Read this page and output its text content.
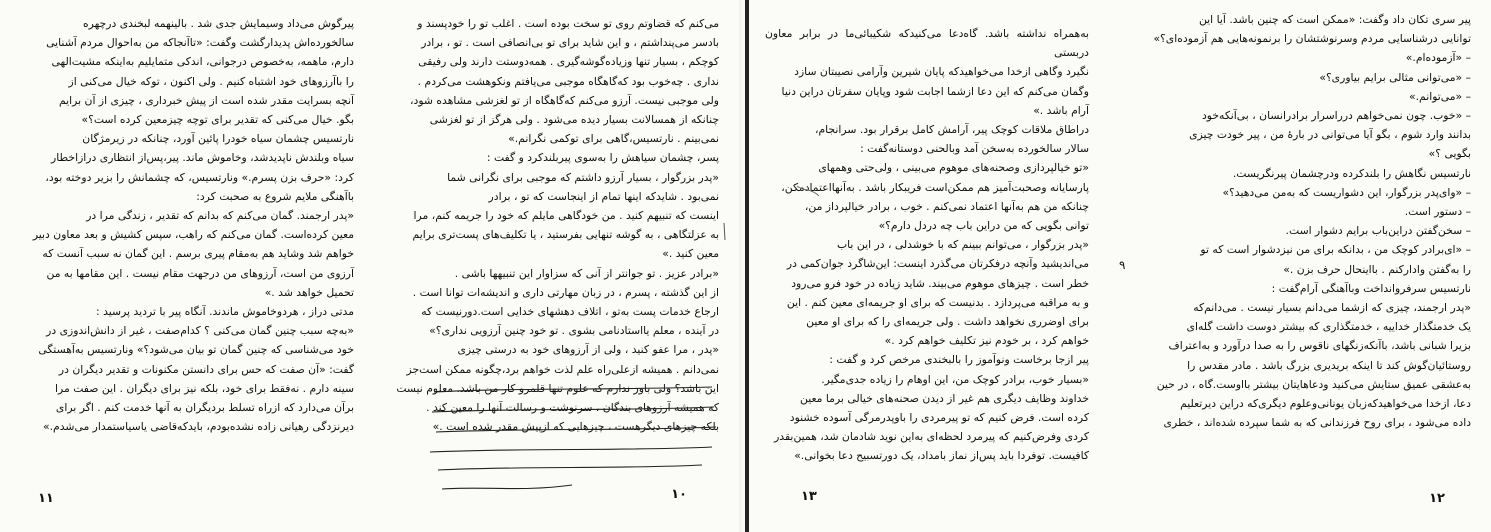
پیرگوش می‌داد وسیمایش جدی شد . بالینهمه لبخندی درچهره

سالخورده‌اش پدیدارگشت وگفت: «تاآنجاکه من به‌احوال مردم آشنایی

دارم، ماهمه، به‌خصوص درجوانی، اندکی متمایلیم به‌اینکه مشیت‌الهی

را باآرزوهای خود اشتباه کنیم . ولی اکنون ، توکه خیال می‌کنی از

آنچه بسرایت مقدر شده است از پیش خبرداری ، چیزی از آن برایم

بگو. خیال می‌کنی که تقدیر برای توچه چیزمعین کرده است؟»

نارتسیس چشمان سیاه خودرا پائین آورد، چنانکه در زیرمژگان

سیاه وبلندش ناپدیدشد، وخاموش ماند. پیر،پس‌از انتظاری درازاخطار

کرد: «حرف بزن پسرم.» ونارتسیس، که چشمانش را بزیر دوخته بود،

باآهنگی ملایم شروع به صحبت کرد:

«پدر ارجمند. گمان می‌کنم که بدانم که تقدیر ، زندگی مرا در

معین کرده‌است. گمان می‌کنم که راهب، سپس کشیش و بعد معاون دبیر

خواهم شد وشاید هم به‌مقام پیری برسم . این گمان نه سبب آنست که

آرزوی من است، آرزوهای من درجهت مقام نیست . این مقامها به من

تحمیل خواهد شد .»

مدتی دراز ، هردوخاموش ماندند. آنگاه پیر با تردید پرسید :

«به‌چه سبب چنین گمان می‌کنی ؟ کدام‌صفت ، غیر از دانش‌اندوزی در

خود می‌شناسی که چنین گمان تو بیان می‌شود؟» ونارتسیس به‌آهستگی

گفت: «آن صفت که حس برای دانستن مکنونات و تقدیر دیگران در

سینه دارم . نه‌فقط برای خود، بلکه نیز برای دیگران . این صفت مرا

برآن می‌دارد که ازراه تسلط بردیگران به آنها خدمت کنم . اگر برای

دیرنزدگی رهیانی زاده نشده‌بودم، بایدکه‌قاضی یاسیاستمدار می‌شدم.»

۱۱

می‌کنم که قضاوتم روی تو سخت بوده است . اغلب تو را خودپسند و

بادسر می‌پنداشتم ، و این شاید برای تو بی‌انصافی است . تو ، برادر

کوچکم ، بسیار تنها وزیاده‌گوشه‌گیری . همه‌دوستت دارند ولی رفیقی

نداری . چه‌خوب بود که‌گاهگاه موجبی می‌یافتم ونکوهشت می‌کردم .

ولی موجبی نیست. آرزو می‌کنم که‌گاهگاه از تو لغزشی مشاهده شود،

چنانکه از همسالانت بسیار دیده می‌شود . ولی هرگز از تو لغزشی

نمی‌بینم . نارتسیس،گاهی برای توکمی نگرانم.»

پسر، چشمان سیاهش را به‌سوی پیربلندکرد و گفت :

«پدر بزرگوار ، بسیار آرزو داشتم که موجبی برای نگرانی شما

نمی‌بود . شایدکه اینها تمام از اینجاست که تو ، برادر

اینست که تنبیهم کنید . من خودگاهی مایلم که خود را جریمه کنم، مرا

به عزلتگاهی ، به گوشه تنهایی بفرستید ، یا تکلیف‌های پست‌تری برایم

معین کنید .»

«برادر عزیز . تو جوانتر از آنی که سزاوار این تنبیهها باشی .

از این گذشته ، پسرم ، در زبان مهارتی داری و اندیشه‌ات توانا است .

ارجاع خدمات پست به‌تو ، اتلاف دهشهای خدایی است.دورنیست که

در آینده ، معلم یااستادنامی بشوی . تو خود چنین آرزویی نداری؟»

«پدر ، مرا عفو کنید ، ولی از آرزوهای خود به درستی چیزی

نمی‌دانم . همیشه ازعلی‌راه علم لذت خواهم برد،چگونه ممکن است‌جز

این باشد؟ ولی باور ندارم که علوم تنها قلمرو کار من باشد. معلوم نیست

که همیشه آرزوهای بندگان ، سرنوشت و رسالت آنها را معین کند .

بلکه چیزهای دیگرهست ، چیزهایی که ازپیش مقدر شده است .»

۱۰

به‌همراه نداشته باشد. گاه‌دعا می‌کنیدکه شکیبائی‌ما در برابر معاون دربستی

نگیرد وگاهی ازخدا می‌خواهیدکه پایان شیرین وآرامی نصیبتان سازد

وگمان می‌کنم که این دعا ازشما اجابت شود وپایان سفرتان دراین دنیا

آرام باشد .»

دراطاق ملاقات کوچک پیر، آرامش کامل برقرار بود. سرانجام،

سالار سالخورده به‌سخن آمد وبالحنی دوستانه‌گفت :

«تو خیالپردازی وصحنه‌های موهوم می‌بینی ، ولی‌حتی وهمهای

پارسایانه وصحبت‌آمیز هم ممکن‌است فریبکار باشد . به‌آنها‌اعتمادمکن،

چنانکه من هم به‌آنها اعتماد نمی‌کنم . خوب ، برادر خیالپرداز من،

توانی بگویی که من دراین باب چه دردل دارم؟»

«پدر بزرگوار ، می‌توانم ببینم که با خوشدلی ، در این باب

می‌اندیشید وآنچه درفکرتان می‌گذرد اینست: این‌شاگرد جوان‌کمی در

خطر است . چیزهای موهوم می‌بیند. شاید زیاده در خود فرو می‌رود

و به مراقبه می‌پردازد . بدنیست که برای او جریمه‌ای معین کنم . این

برای اوضرری نخواهد داشت . ولی جریمه‌ای را که برای او معین

خواهم کرد ، بر خودم نیز تکلیف خواهم کرد .»

پیر ازجا برخاست ونوآموز را بالبخندی مرخص کرد و گفت :

«بسیار خوب، برادر کوچک من، این اوهام را زیاده جدی‌مگیر.

خداوند وظایف دیگری هم غیر از دیدن صحنه‌های خیالی برما معین

کرده است. فرض کنیم که تو پیرمردی را باوپدرمرگی آسوده خشنود

کردی وفرض‌کنیم که پیرمرد لحظه‌ای به‌این نوید شادمان شد، همین‌بقدر

کافیست. توفردا باید پس‌از نماز بامداد، یک دورتسبیح دعا بخوانی.»

۱۳

پیر سری تکان داد وگفت: «ممکن است که چنین باشد. آیا این

توانایی درشناسایی مردم وسرنوشتشان را برنمونه‌هایی هم آزموده‌ای؟»

– «آزموده‌ام.»

– «می‌توانی مثالی برایم بیاوری؟»

– «می‌توانم.»

– «خوب. چون نمی‌خواهم درراسرار برادرانسان ، بی‌آنکه‌خود

بدانند وارد شوم ، بگو آیا می‌توانی در بارهٔ من ، پیر خودت چیزی

بگویی ؟»

نارتسیس نگاهش را بلندکرده ودرچشمان پیرنگریست.

– «وای‌پدر بزرگوار، این دشواریست که به‌من می‌دهید؟»

– دستور است.

– سخن‌گفتن دراین‌باب برایم دشوار است.

– «ای‌برادر کوچک من ، بدانکه برای من نیزدشوار است که تو

را به‌گفتن وادارکنم . بااینحال حرف بزن .»

نارتسیس سرفروانداخت وباآهنگی آرام‌گفت :

«پدر ارجمند، چیزی که ازشما می‌دانم بسیار نیست . می‌دانم‌که

یک خدمتگذار خداییه ، خدمتگذاری که بیشتر دوست داشت گله‌ای

بزیرا شبانی باشد، باآنکه‌زنگهای ناقوس را به صدا درآورد و به‌اعتراف

روستائیان‌گوش کند تا اینکه بریدیری بزرگ باشد . مادر مقدس را

به‌عشقی عمیق ستایش می‌کنید ودعاهایتان بیشتر بااوست.گاه ، در حین

دعا، ازخدا می‌خواهیدکه‌زبان یونانی‌وعلوم دیگری‌که دراین دیرتعلیم

داده می‌شود ، برای روح فرزندانی که به شما سپرده شده‌اند ، خطری

۹
۱۲
